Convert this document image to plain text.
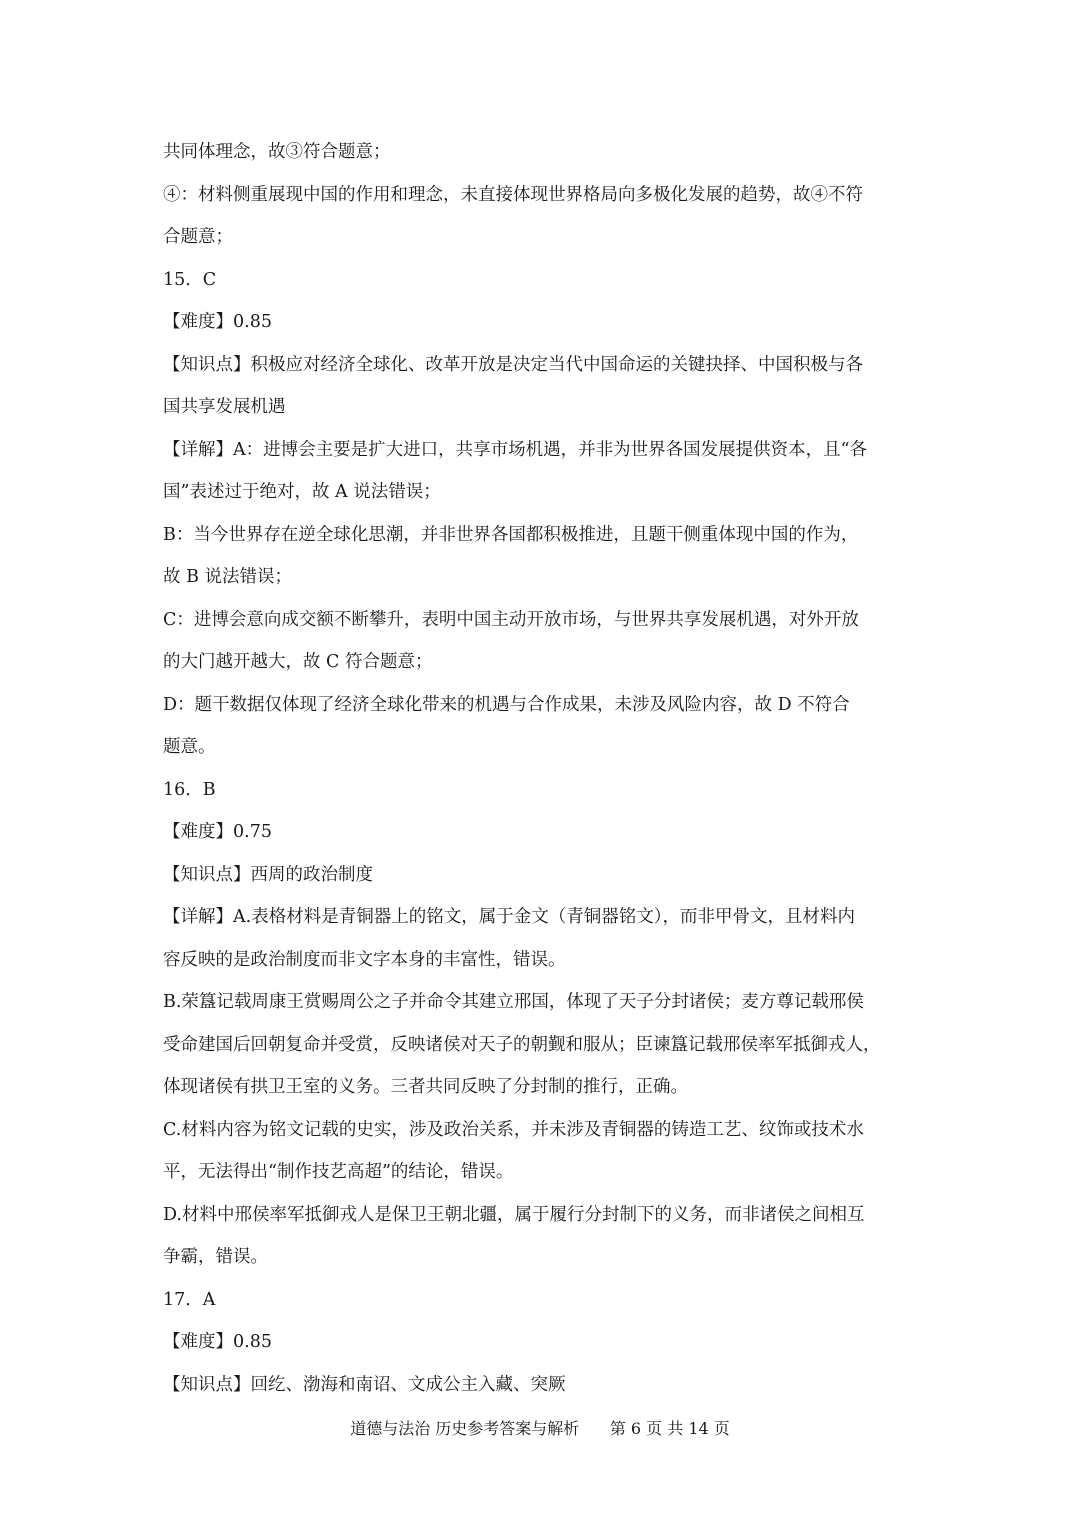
共同体理念，故③符合题意；
④：材料侧重展现中国的作用和理念，未直接体现世界格局向多极化发展的趋势，故④不符
合题意；
15．C
【难度】0.85
【知识点】积极应对经济全球化、改革开放是决定当代中国命运的关键抉择、中国积极与各
国共享发展机遇
【详解】A：进博会主要是扩大进口，共享市场机遇，并非为世界各国发展提供资本，且“各
国”表述过于绝对，故 A 说法错误；
B：当今世界存在逆全球化思潮，并非世界各国都积极推进，且题干侧重体现中国的作为，
故 B 说法错误；
C：进博会意向成交额不断攀升，表明中国主动开放市场，与世界共享发展机遇，对外开放
的大门越开越大，故 C 符合题意；
D：题干数据仅体现了经济全球化带来的机遇与合作成果，未涉及风险内容，故 D 不符合
题意。
16．B
【难度】0.75
【知识点】西周的政治制度
【详解】A.表格材料是青铜器上的铭文，属于金文（青铜器铭文），而非甲骨文，且材料内
容反映的是政治制度而非文字本身的丰富性，错误。
B.荣簋记载周康王赏赐周公之子并命令其建立邢国，体现了天子分封诸侯；麦方尊记载邢侯
受命建国后回朝复命并受赏，反映诸侯对天子的朝觐和服从；臣谏簋记载邢侯率军抵御戎人，
体现诸侯有拱卫王室的义务。三者共同反映了分封制的推行，正确。
C.材料内容为铭文记载的史实，涉及政治关系，并未涉及青铜器的铸造工艺、纹饰或技术水
平，无法得出“制作技艺高超”的结论，错误。
D.材料中邢侯率军抵御戎人是保卫王朝北疆，属于履行分封制下的义务，而非诸侯之间相互
争霸，错误。
17．A
【难度】0.85
【知识点】回纥、渤海和南诏、文成公主入藏、突厥
道德与法治 历史参考答案与解析 第 6 页 共 14 页
